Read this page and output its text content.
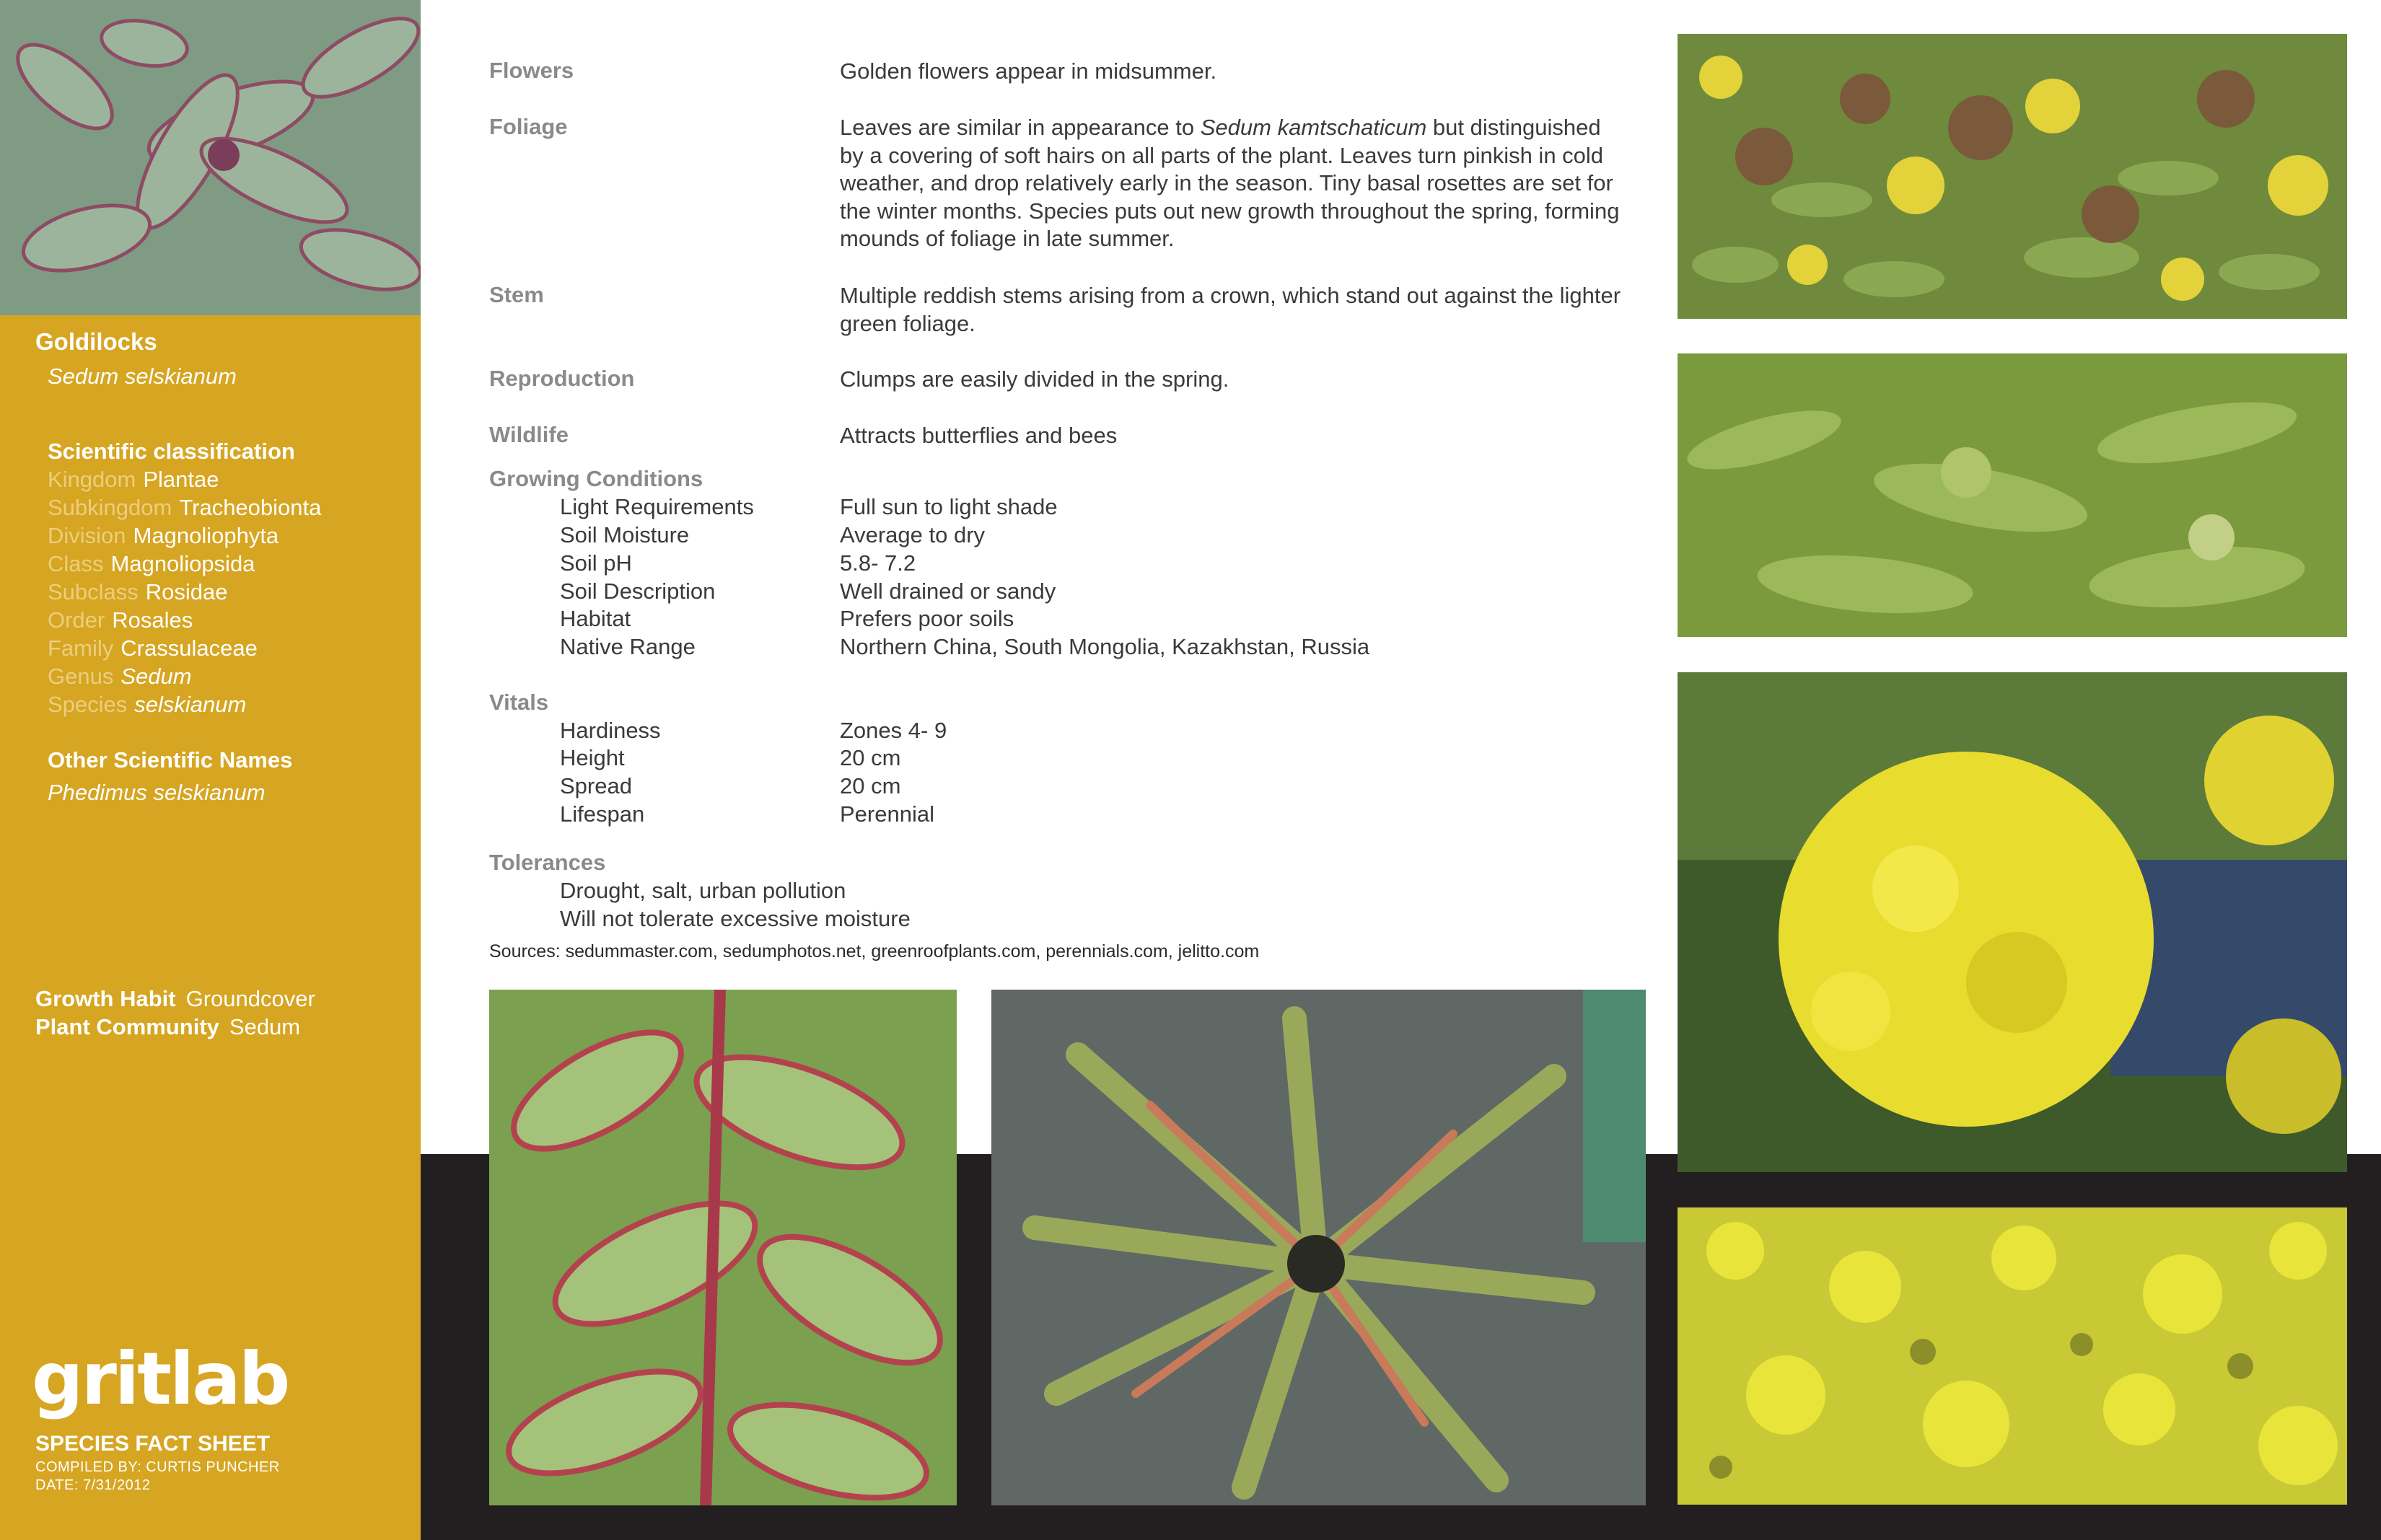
Goldilocks
Sedum selskianum
Scientific classification
Kingdom Plantae
Subkingdom Tracheobionta
Division Magnoliophyta
Class Magnoliopsida
Subclass Rosidae
Order Rosales
Family Crassulaceae
Genus Sedum
Species selskianum
Other Scientific Names
Phedimus selskianum
Growth Habit Groundcover
Plant Community Sedum
gritlab
SPECIES FACT SHEET
COMPILED BY: CURTIS PUNCHER
DATE: 7/31/2012
Flowers	Golden flowers appear in midsummer.
Foliage	Leaves are similar in appearance to Sedum kamtschaticum but distinguished by a covering of soft hairs on all parts of the plant. Leaves turn pinkish in cold weather, and drop relatively early in the season. Tiny basal rosettes are set for the winter months. Species puts out new growth throughout the spring, forming mounds of foliage in late summer.
Stem	Multiple reddish stems arising from a crown, which stand out against the lighter green foliage.
Reproduction	Clumps are easily divided in the spring.
Wildlife	Attracts butterflies and bees
Growing Conditions
Light Requirements	Full sun to light shade
Soil Moisture	Average to dry
Soil pH	5.8- 7.2
Soil Description	Well drained or sandy
Habitat	Prefers poor soils
Native Range	Northern China, South Mongolia, Kazakhstan, Russia
Vitals
Hardiness	Zones 4- 9
Height	20 cm
Spread	20 cm
Lifespan	Perennial
Tolerances
Drought, salt, urban pollution
Will not tolerate excessive moisture
Sources: sedummaster.com, sedumphotos.net, greenroofplants.com, perennials.com, jelitto.com
